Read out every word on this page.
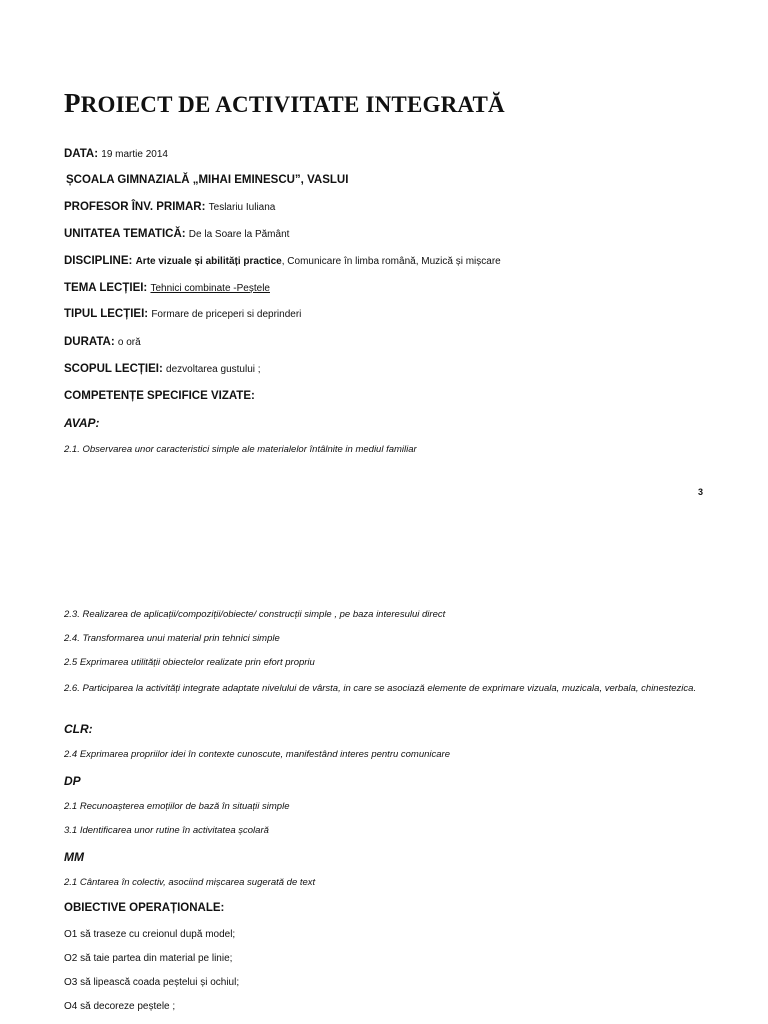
PROIECT DE ACTIVITATE INTEGRATĂ
DATA: 19 martie 2014
ȘCOALA GIMNAZIALĂ „MIHAI EMINESCU”, VASLUI
PROFESOR ÎNV. PRIMAR: Teslariu Iuliana
UNITATEA TEMATICĂ: De la Soare la Pământ
DISCIPLINE: Arte vizuale și abilități practice, Comunicare în limba română, Muzică și mișcare
TEMA LECȚIEI: Tehnici combinate -Peștele
TIPUL LECȚIEI: Formare de priceperi si deprinderi
DURATA: o oră
SCOPUL LECȚIEI: dezvoltarea gustului ;
COMPETENȚE SPECIFICE VIZATE:
AVAP:
2.1. Observarea unor caracteristici simple ale materialelor întâlnite in mediul familiar
3
2.3. Realizarea de aplicații/compoziții/obiecte/ construcții simple , pe baza interesului direct
2.4. Transformarea unui material prin tehnici simple
2.5 Exprimarea utilității obiectelor realizate prin efort propriu
2.6. Participarea la activități integrate adaptate nivelului de vârsta, in care se asociază elemente de exprimare vizuala, muzicala, verbala, chinestezica.
CLR:
2.4 Exprimarea propriilor idei în contexte cunoscute, manifestând interes pentru comunicare
DP
2.1 Recunoașterea emoțiilor de bază în situații simple
3.1 Identificarea unor rutine în activitatea școlară
MM
2.1 Cântarea în colectiv, asociind mișcarea sugerată de text
OBIECTIVE OPERAȚIONALE:
O1 să traseze cu creionul după model;
O2 să taie partea din material pe linie;
O3 să lipească coada peștelui și ochiul;
O4 să decoreze peștele ;
